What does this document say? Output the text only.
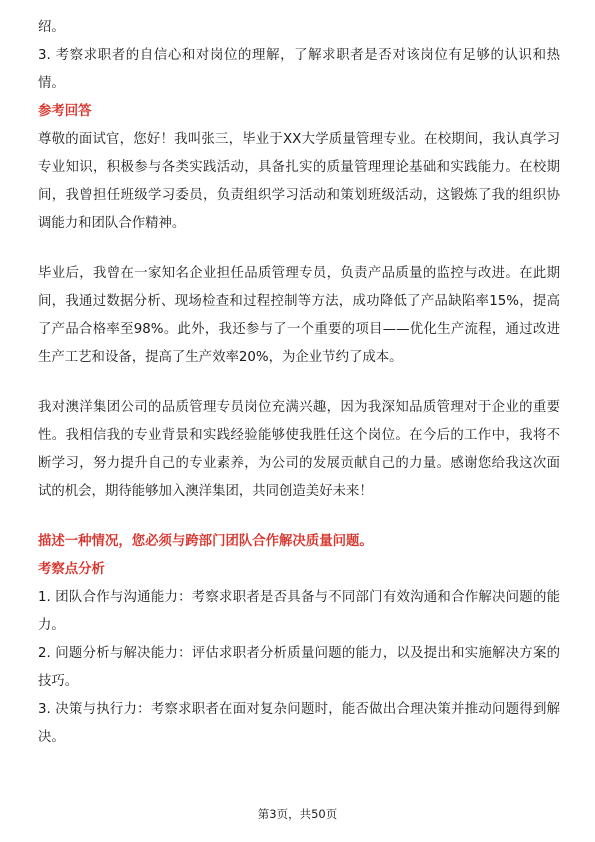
绍。

3. 考察求职者的自信心和对岗位的理解，了解求职者是否对该岗位有足够的认识和热情。

参考回答

尊敬的面试官，您好！我叫张三，毕业于XX大学质量管理专业。在校期间，我认真学习专业知识，积极参与各类实践活动，具备扎实的质量管理理论基础和实践能力。在校期间，我曾担任班级学习委员，负责组织学习活动和策划班级活动，这锻炼了我的组织协调能力和团队合作精神。

毕业后，我曾在一家知名企业担任品质管理专员，负责产品质量的监控与改进。在此期间，我通过数据分析、现场检查和过程控制等方法，成功降低了产品缺陷率15%，提高了产品合格率至98%。此外，我还参与了一个重要的项目——优化生产流程，通过改进生产工艺和设备，提高了生产效率20%，为企业节约了成本。

我对澳洋集团公司的品质管理专员岗位充满兴趣，因为我深知品质管理对于企业的重要性。我相信我的专业背景和实践经验能够使我胜任这个岗位。在今后的工作中，我将不断学习，努力提升自己的专业素养，为公司的发展贡献自己的力量。感谢您给我这次面试的机会，期待能够加入澳洋集团，共同创造美好未来！

描述一种情况，您必须与跨部门团队合作解决质量问题。

考察点分析

1. 团队合作与沟通能力：考察求职者是否具备与不同部门有效沟通和合作解决问题的能力。

2. 问题分析与解决能力：评估求职者分析质量问题的能力，以及提出和实施解决方案的技巧。

3. 决策与执行力：考察求职者在面对复杂问题时，能否做出合理决策并推动问题得到解决。

第3页，共50页
